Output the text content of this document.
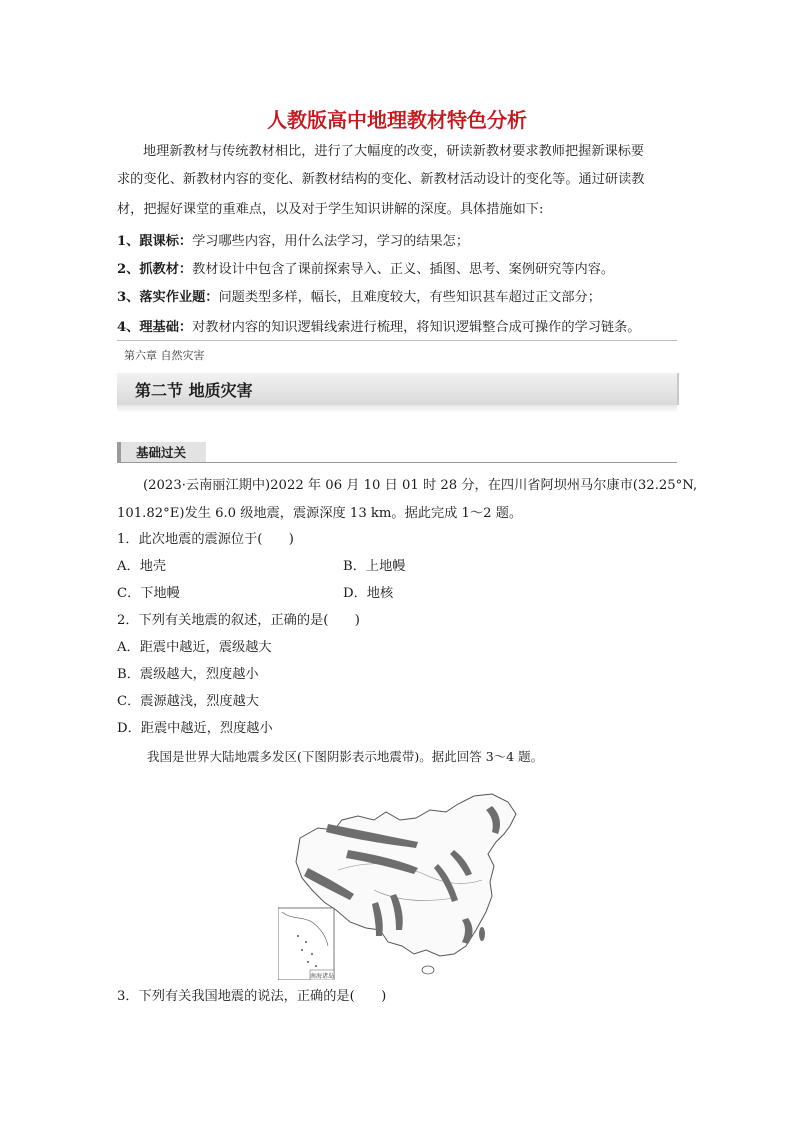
人教版高中地理教材特色分析
地理新教材与传统教材相比，进行了大幅度的改变，研读新教材要求教师把握新课标要
求的变化、新教材内容的变化、新教材结构的变化、新教材活动设计的变化等。通过研读教
材，把握好课堂的重难点，以及对于学生知识讲解的深度。具体措施如下:
1、跟课标：学习哪些内容，用什么法学习，学习的结果怎；
2、抓教材：教材设计中包含了课前探索导入、正义、插图、思考、案例研究等内容。
3、落实作业题：问题类型多样，幅长，且难度较大，有些知识甚车超过正文部分；
4、理基础：对教材内容的知识逻辑线索进行梳理，将知识逻辑整合成可操作的学习链条。
第六章 自然灾害
第二节 地质灾害
基础过关
(2023·云南丽江期中)2022 年 06 月 10 日 01 时 28 分，在四川省阿坝州马尔康市(32.25°N,
101.82°E)发生 6.0 级地震，震源深度 13 km。据此完成 1～2 题。
1．此次地震的震源位于(　　)
A．地壳	B．上地幔
C．下地幔	D．地核
2．下列有关地震的叙述，正确的是(　　)
A．距震中越近，震级越大
B．震级越大，烈度越小
C．震源越浅，烈度越大
D．距震中越近，烈度越小
我国是世界大陆地震多发区(下图阴影表示地震带)。据此回答 3～4 题。
南海诸岛
3．下列有关我国地震的说法，正确的是(　　)
